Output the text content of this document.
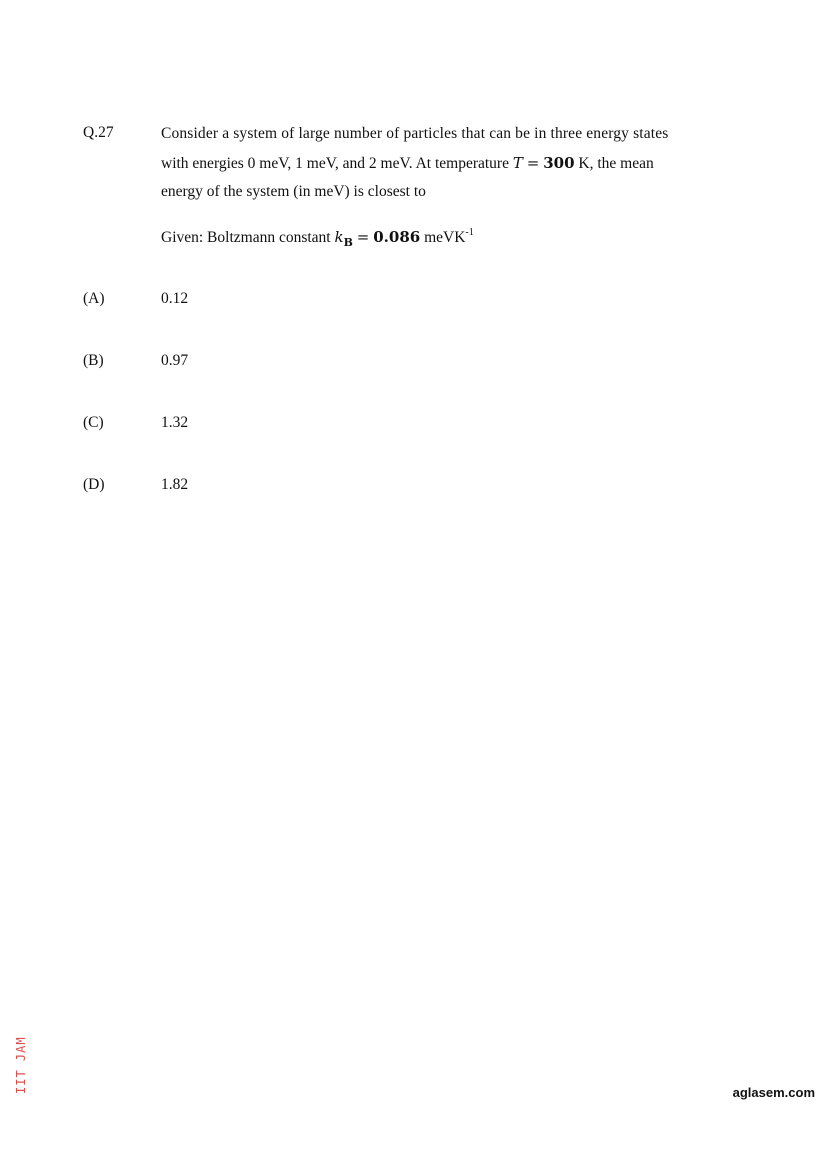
Q.27	Consider a system of large number of particles that can be in three energy states
with energies 0 meV, 1 meV, and 2 meV. At temperature T = 300 K, the mean
energy of the system (in meV) is closest to
Given: Boltzmann constant $k_B = 0.086$ meVK$^{-1}$
(A)	0.12
(B)	0.97
(C)	1.32
(D)	1.82
IIT JAM	aglasem.com
